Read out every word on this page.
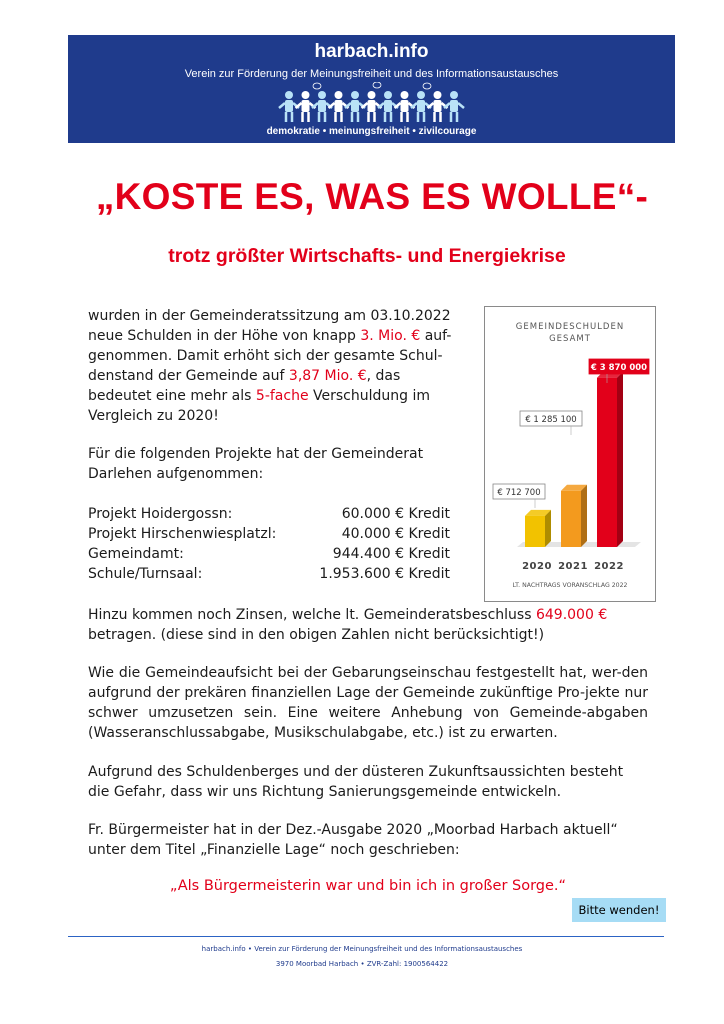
harbach.info
Verein zur Förderung der Meinungsfreiheit und des Informationsaustausches
demokratie • meinungsfreiheit • zivilcourage
„KOSTE ES, WAS ES WOLLE“-
trotz größter Wirtschafts- und Energiekrise

wurden in der Gemeinderatssitzung am 03.10.2022 neue Schulden in der Höhe von knapp 3. Mio. € auf-genommen. Damit erhöht sich der gesamte Schul-denstand der Gemeinde auf 3,87 Mio. €, das bedeutet eine mehr als 5-fache Verschuldung im Vergleich zu 2020!

Für die folgenden Projekte hat der Gemeinderat Darlehen aufgenommen:

Projekt Hoidergossn:	60.000 € Kredit
Projekt Hirschenwiesplatzl:	40.000 € Kredit
Gemeindamt:	944.400 € Kredit
Schule/Turnsaal:	1.953.600 € Kredit
GEMEINDESCHULDEN
GESAMT
2020 2021 2022
€ 712 700
€ 1 285 100
€ 3 870 000
LT. NACHTRAGS VORANSCHLAG 2022

Hinzu kommen noch Zinsen, welche lt. Gemeinderatsbeschluss 649.000 € betragen. (diese sind in den obigen Zahlen nicht berücksichtigt!)

Wie die Gemeindeaufsicht bei der Gebarungseinschau festgestellt hat, wer-den aufgrund der prekären finanziellen Lage der Gemeinde zukünftige Pro-jekte nur schwer umzusetzen sein. Eine weitere Anhebung von Gemeinde-abgaben (Wasseranschlussabgabe, Musikschulabgabe, etc.) ist zu erwarten.

Aufgrund des Schuldenberges und der düsteren Zukunftsaussichten besteht die Gefahr, dass wir uns Richtung Sanierungsgemeinde entwickeln.

Fr. Bürgermeister hat in der Dez.-Ausgabe 2020 „Moorbad Harbach aktuell“ unter dem Titel „Finanzielle Lage“ noch geschrieben:

„Als Bürgermeisterin war und bin ich in großer Sorge.“
Bitte wenden!
harbach.info • Verein zur Förderung der Meinungsfreiheit und des Informationsaustausches
3970 Moorbad Harbach • ZVR-Zahl: 1900564422
